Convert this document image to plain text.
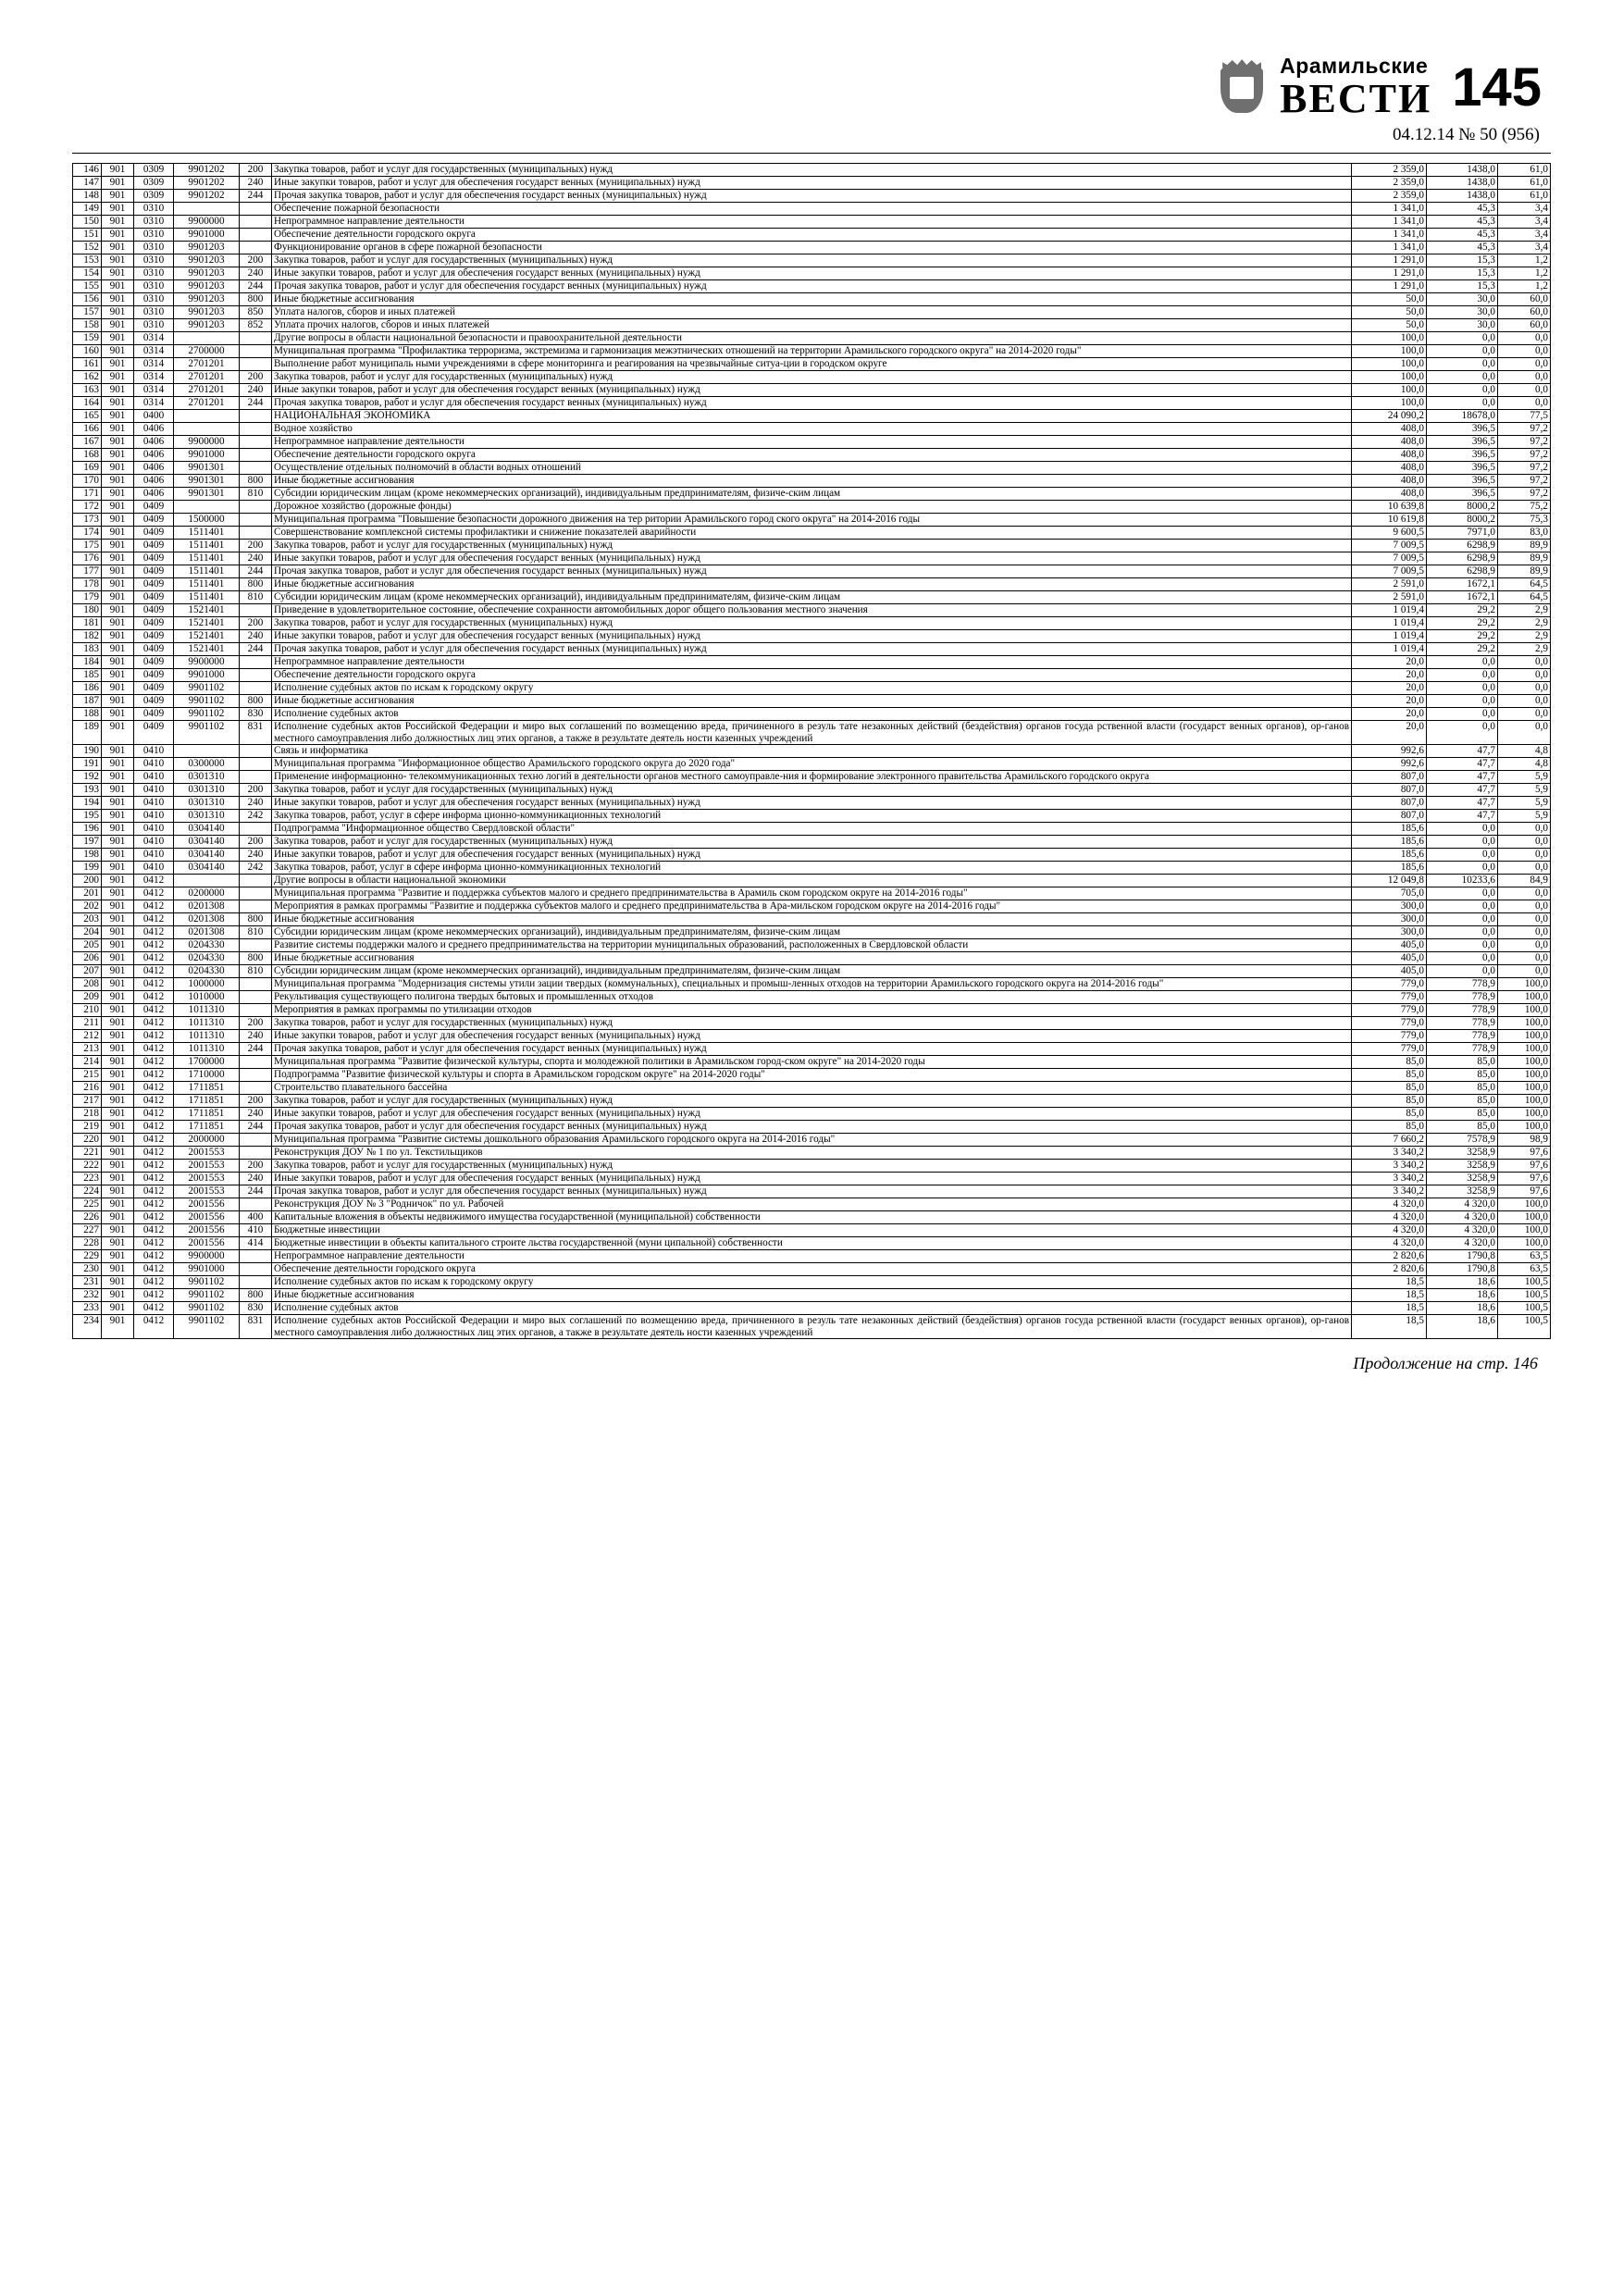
Арамильские
ВЕСТИ 145
04.12.14 № 50 (956)
146	901	0309	9901202	200	Закупка товаров, работ и услуг для государственных (муниципальных) нужд	2 359,0	1438,0	61,0
147	901	0309	9901202	240	Иные закупки товаров, работ и услуг для обеспечения государст венных (муниципальных) нужд	2 359,0	1438,0	61,0
148	901	0309	9901202	244	Прочая закупка товаров, работ и услуг для обеспечения государст венных (муниципальных) нужд	2 359,0	1438,0	61,0
149	901	0310			Обеспечение пожарной безопасности	1 341,0	45,3	3,4
150	901	0310	9900000		Непрограммное направление деятельности	1 341,0	45,3	3,4
151	901	0310	9901000		Обеспечение деятельности городского округа	1 341,0	45,3	3,4
152	901	0310	9901203		Функционирование органов в сфере пожарной безопасности	1 341,0	45,3	3,4
153	901	0310	9901203	200	Закупка товаров, работ и услуг для государственных (муниципальных) нужд	1 291,0	15,3	1,2
154	901	0310	9901203	240	Иные закупки товаров, работ и услуг для обеспечения государст венных (муниципальных) нужд	1 291,0	15,3	1,2
155	901	0310	9901203	244	Прочая закупка товаров, работ и услуг для обеспечения государст венных (муниципальных) нужд	1 291,0	15,3	1,2
156	901	0310	9901203	800	Иные бюджетные ассигнования	50,0	30,0	60,0
157	901	0310	9901203	850	Уплата налогов, сборов и иных платежей	50,0	30,0	60,0
158	901	0310	9901203	852	Уплата прочих налогов, сборов и иных платежей	50,0	30,0	60,0
159	901	0314			Другие вопросы в области национальной безопасности и правоохранительной деятельности	100,0	0,0	0,0
160	901	0314	2700000		Муниципальная программа "Профилактика терроризма, экстремизма и гармонизация межэтнических отношений на территории Арамильского городского округа" на 2014-2020 годы"	100,0	0,0	0,0
161	901	0314	2701201		Выполнение работ муниципаль ными учреждениями в сфере мониторинга и реагирования на чрезвычайные ситуа-ции в городском округе	100,0	0,0	0,0
162	901	0314	2701201	200	Закупка товаров, работ и услуг для государственных (муниципальных) нужд	100,0	0,0	0,0
163	901	0314	2701201	240	Иные закупки товаров, работ и услуг для обеспечения государст венных (муниципальных) нужд	100,0	0,0	0,0
164	901	0314	2701201	244	Прочая закупка товаров, работ и услуг для обеспечения государст венных (муниципальных) нужд	100,0	0,0	0,0
165	901	0400			НАЦИОНАЛЬНАЯ ЭКОНОМИКА	24 090,2	18678,0	77,5
166	901	0406			Водное хозяйство	408,0	396,5	97,2
167	901	0406	9900000		Непрограммное направление деятельности	408,0	396,5	97,2
168	901	0406	9901000		Обеспечение деятельности городского округа	408,0	396,5	97,2
169	901	0406	9901301		Осуществление отдельных полномочий в области водных отношений	408,0	396,5	97,2
170	901	0406	9901301	800	Иные бюджетные ассигнования	408,0	396,5	97,2
171	901	0406	9901301	810	Субсидии юридическим лицам (кроме некоммерческих организаций), индивидуальным предпринимателям, физиче-ским лицам	408,0	396,5	97,2
172	901	0409			Дорожное хозяйство (дорожные фонды)	10 639,8	8000,2	75,2
173	901	0409	1500000		Муниципальная программа "Повышение безопасности дорожного движения на тер ритории Арамильского город ского округа" на 2014-2016 годы	10 619,8	8000,2	75,3
174	901	0409	1511401		Совершенствование комплексной системы профилактики и снижение показателей аварийности	9 600,5	7971,0	83,0
175	901	0409	1511401	200	Закупка товаров, работ и услуг для государственных (муниципальных) нужд	7 009,5	6298,9	89,9
176	901	0409	1511401	240	Иные закупки товаров, работ и услуг для обеспечения государст венных (муниципальных) нужд	7 009,5	6298,9	89,9
177	901	0409	1511401	244	Прочая закупка товаров, работ и услуг для обеспечения государст венных (муниципальных) нужд	7 009,5	6298,9	89,9
178	901	0409	1511401	800	Иные бюджетные ассигнования	2 591,0	1672,1	64,5
179	901	0409	1511401	810	Субсидии юридическим лицам (кроме некоммерческих организаций), индивидуальным предпринимателям, физиче-ским лицам	2 591,0	1672,1	64,5
180	901	0409	1521401		Приведение в удовлетворительное состояние, обеспечение сохранности автомобильных дорог общего пользования местного значения	1 019,4	29,2	2,9
181	901	0409	1521401	200	Закупка товаров, работ и услуг для государственных (муниципальных) нужд	1 019,4	29,2	2,9
182	901	0409	1521401	240	Иные закупки товаров, работ и услуг для обеспечения государст венных (муниципальных) нужд	1 019,4	29,2	2,9
183	901	0409	1521401	244	Прочая закупка товаров, работ и услуг для обеспечения государст венных (муниципальных) нужд	1 019,4	29,2	2,9
184	901	0409	9900000		Непрограммное направление деятельности	20,0	0,0	0,0
185	901	0409	9901000		Обеспечение деятельности городского округа	20,0	0,0	0,0
186	901	0409	9901102		Исполнение судебных актов по искам к городскому округу	20,0	0,0	0,0
187	901	0409	9901102	800	Иные бюджетные ассигнования	20,0	0,0	0,0
188	901	0409	9901102	830	Исполнение судебных актов	20,0	0,0	0,0
189	901	0409	9901102	831	Исполнение судебных актов Российской Федерации и миро вых соглашений по возмещению вреда, причиненного в резуль тате незаконных действий (бездействия) органов госуда рственной власти (государст венных органов), ор-ганов местного самоуправления либо должностных лиц этих органов, а также в результате деятель ности казенных учреждений	20,0	0,0	0,0
190	901	0410			Связь и информатика	992,6	47,7	4,8
191	901	0410	0300000		Муниципальная программа "Информационное общество Арамильского городского округа до 2020 года"	992,6	47,7	4,8
192	901	0410	0301310		Применение информационно- телекоммуникационных техно логий в деятельности органов местного самоуправле-ния и формирование электронного правительства Арамильского городского округа	807,0	47,7	5,9
193	901	0410	0301310	200	Закупка товаров, работ и услуг для государственных (муниципальных) нужд	807,0	47,7	5,9
194	901	0410	0301310	240	Иные закупки товаров, работ и услуг для обеспечения государст венных (муниципальных) нужд	807,0	47,7	5,9
195	901	0410	0301310	242	Закупка товаров, работ, услуг в сфере информа ционно-коммуникационных технологий	807,0	47,7	5,9
196	901	0410	0304140		Подпрограмма "Информационное общество Свердловской области"	185,6	0,0	0,0
197	901	0410	0304140	200	Закупка товаров, работ и услуг для государственных (муниципальных) нужд	185,6	0,0	0,0
198	901	0410	0304140	240	Иные закупки товаров, работ и услуг для обеспечения государст венных (муниципальных) нужд	185,6	0,0	0,0
199	901	0410	0304140	242	Закупка товаров, работ, услуг в сфере информа ционно-коммуникационных технологий	185,6	0,0	0,0
200	901	0412			Другие вопросы в области национальной экономики	12 049,8	10233,6	84,9
201	901	0412	0200000		Муниципальная программа "Развитие и поддержка субъектов малого и среднего предпринимательства в Арамиль ском городском округе на 2014-2016 годы"	705,0	0,0	0,0
202	901	0412	0201308		Мероприятия в рамках программы "Развитие и поддержка субъектов малого и среднего предпринимательства в Ара-мильском городском округе на 2014-2016 годы"	300,0	0,0	0,0
203	901	0412	0201308	800	Иные бюджетные ассигнования	300,0	0,0	0,0
204	901	0412	0201308	810	Субсидии юридическим лицам (кроме некоммерческих организаций), индивидуальным предпринимателям, физиче-ским лицам	300,0	0,0	0,0
205	901	0412	0204330		Развитие системы поддержки малого и среднего предпринимательства на территории муниципальных образований, расположенных в Свердловской области	405,0	0,0	0,0
206	901	0412	0204330	800	Иные бюджетные ассигнования	405,0	0,0	0,0
207	901	0412	0204330	810	Субсидии юридическим лицам (кроме некоммерческих организаций), индивидуальным предпринимателям, физиче-ским лицам	405,0	0,0	0,0
208	901	0412	1000000		Муниципальная программа "Модернизация системы утили зации твердых (коммунальных), специальных и промыш-ленных отходов на территории Арамильского городского округа на 2014-2016 годы"	779,0	778,9	100,0
209	901	0412	1010000		Рекультивация существующего полигона твердых бытовых и промышленных отходов	779,0	778,9	100,0
210	901	0412	1011310		Мероприятия в рамках программы по утилизации отходов	779,0	778,9	100,0
211	901	0412	1011310	200	Закупка товаров, работ и услуг для государственных (муниципальных) нужд	779,0	778,9	100,0
212	901	0412	1011310	240	Иные закупки товаров, работ и услуг для обеспечения государст венных (муниципальных) нужд	779,0	778,9	100,0
213	901	0412	1011310	244	Прочая закупка товаров, работ и услуг для обеспечения государст венных (муниципальных) нужд	779,0	778,9	100,0
214	901	0412	1700000		Муниципальная программа "Развитие физической культуры, спорта и молодежной политики в Арамильском город-ском округе" на 2014-2020 годы	85,0	85,0	100,0
215	901	0412	1710000		Подпрограмма "Развитие физической культуры и спорта в Арамильском городском округе" на 2014-2020 годы"	85,0	85,0	100,0
216	901	0412	1711851		Строительство плавательного бассейна	85,0	85,0	100,0
217	901	0412	1711851	200	Закупка товаров, работ и услуг для государственных (муниципальных) нужд	85,0	85,0	100,0
218	901	0412	1711851	240	Иные закупки товаров, работ и услуг для обеспечения государст венных (муниципальных) нужд	85,0	85,0	100,0
219	901	0412	1711851	244	Прочая закупка товаров, работ и услуг для обеспечения государст венных (муниципальных) нужд	85,0	85,0	100,0
220	901	0412	2000000		Муниципальная программа "Развитие системы дошкольного образования Арамильского городского округа на 2014-2016 годы"	7 660,2	7578,9	98,9
221	901	0412	2001553		Реконструкция ДОУ № 1 по ул. Текстильщиков	3 340,2	3258,9	97,6
222	901	0412	2001553	200	Закупка товаров, работ и услуг для государственных (муниципальных) нужд	3 340,2	3258,9	97,6
223	901	0412	2001553	240	Иные закупки товаров, работ и услуг для обеспечения государст венных (муниципальных) нужд	3 340,2	3258,9	97,6
224	901	0412	2001553	244	Прочая закупка товаров, работ и услуг для обеспечения государст венных (муниципальных) нужд	3 340,2	3258,9	97,6
225	901	0412	2001556		Реконструкция ДОУ № 3 "Родничок" по ул. Рабочей	4 320,0	4 320,0	100,0
226	901	0412	2001556	400	Капитальные вложения в объекты недвижимого имущества государственной (муниципальной) собственности	4 320,0	4 320,0	100,0
227	901	0412	2001556	410	Бюджетные инвестиции	4 320,0	4 320,0	100,0
228	901	0412	2001556	414	Бюджетные инвестиции в объекты капитального строите льства государственной (муни ципальной) собственности	4 320,0	4 320,0	100,0
229	901	0412	9900000		Непрограммное направление деятельности	2 820,6	1790,8	63,5
230	901	0412	9901000		Обеспечение деятельности городского округа	2 820,6	1790,8	63,5
231	901	0412	9901102		Исполнение судебных актов по искам к городскому округу	18,5	18,6	100,5
232	901	0412	9901102	800	Иные бюджетные ассигнования	18,5	18,6	100,5
233	901	0412	9901102	830	Исполнение судебных актов	18,5	18,6	100,5
234	901	0412	9901102	831	Исполнение судебных актов Российской Федерации и миро вых соглашений по возмещению вреда, причиненного в резуль тате незаконных действий (бездействия) органов госуда рственной власти (государст венных органов), ор-ганов местного самоуправления либо должностных лиц этих органов, а также в результате деятель ности казенных учреждений	18,5	18,6	100,5
Продолжение на стр. 146
